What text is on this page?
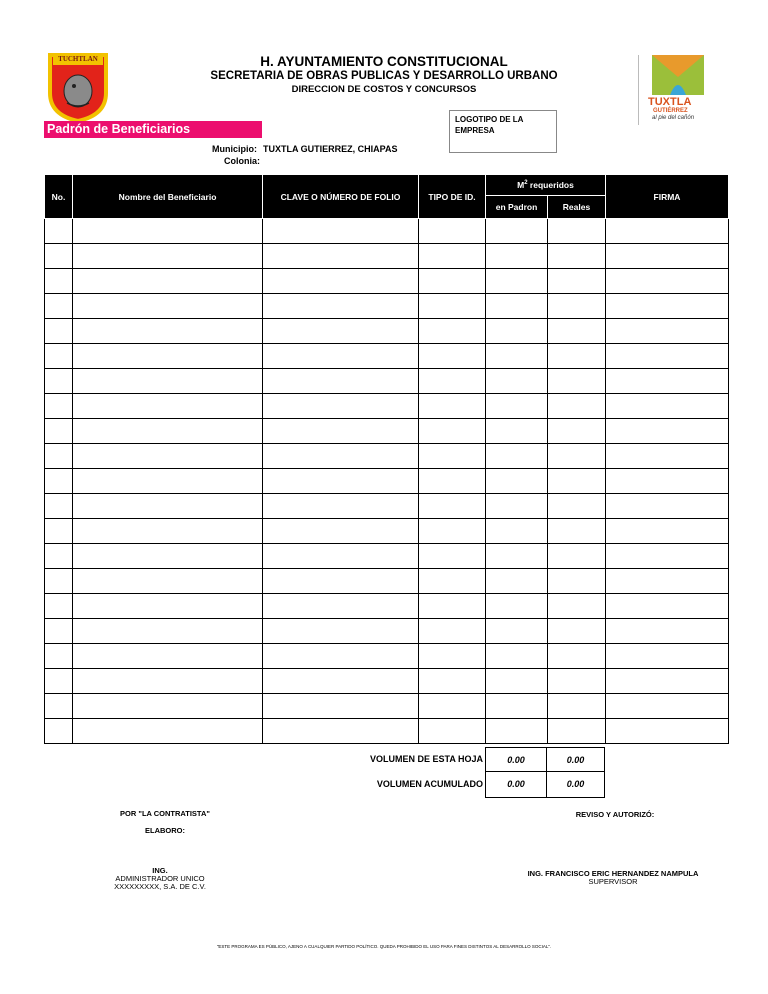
TUCHTLAN
TUXTLA
GUTIÉRREZ
al pie del cañón
H. AYUNTAMIENTO CONSTITUCIONAL
SECRETARIA DE OBRAS PUBLICAS Y DESARROLLO URBANO
DIRECCION DE COSTOS Y CONCURSOS
Padrón de Beneficiarios
LOGOTIPO DE LA EMPRESA
Municipio: TUXTLA GUTIERREZ, CHIAPAS
Colonia:
No.	Nombre del Beneficiario	CLAVE O NÚMERO DE FOLIO	TIPO DE ID.	$M^2$ requeridos		FIRMA
				en Padron	Reales	

VOLUMEN DE ESTA HOJA	0.00	0.00
VOLUMEN ACUMULADO	0.00	0.00
POR "LA CONTRATISTA"
ELABORO:
ING.
ADMINISTRADOR UNICO
XXXXXXXXX, S.A. DE C.V.
REVISO Y AUTORIZÓ:
ING. FRANCISCO ERIC HERNANDEZ NAMPULA
SUPERVISOR
"ESTE PROGRAMA ES PÚBLICO, AJENO A CUALQUIER PARTIDO POLÍTICO. QUEDA PROHIBIDO EL USO PARA FINES DISTINTOS AL DESARROLLO SOCIAL".
